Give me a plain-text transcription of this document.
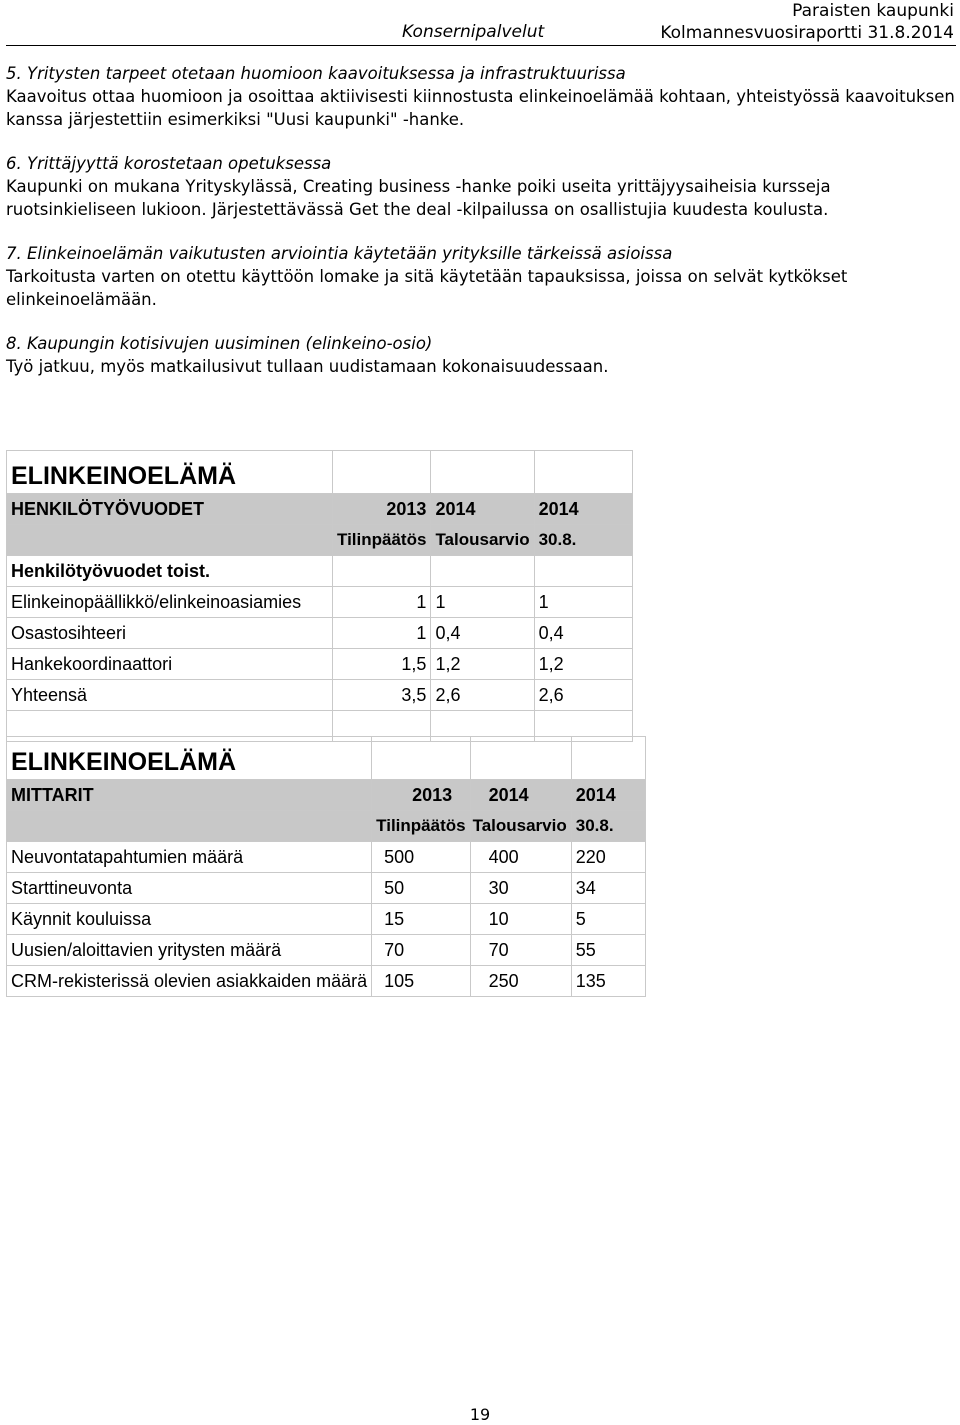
Konsernipalvelut
Paraisten kaupunki
Kolmannesvuosiraportti 31.8.2014
5. Yritysten tarpeet otetaan huomioon kaavoituksessa ja infrastruktuurissa
Kaavoitus ottaa huomioon ja osoittaa aktiivisesti kiinnostusta elinkeinoelämää kohtaan, yhteistyössä kaavoituksen kanssa järjestettiin esimerkiksi "Uusi kaupunki" -hanke.
6. Yrittäjyyttä korostetaan opetuksessa
Kaupunki on mukana Yrityskylässä, Creating business -hanke poiki useita yrittäjyysaiheisia kursseja ruotsinkieliseen lukioon. Järjestettävässä Get the deal -kilpailussa on osallistujia kuudesta koulusta.
7. Elinkeinoelämän vaikutusten arviointia käytetään yrityksille tärkeissä asioissa
Tarkoitusta varten on otettu käyttöön lomake ja sitä käytetään tapauksissa, joissa on selvät kytkökset elinkeinoelämään.
8. Kaupungin kotisivujen uusiminen (elinkeino-osio)
Työ jatkuu, myös matkailusivut tullaan uudistamaan kokonaisuudessaan.
ELINKEINOELÄMÄ			
HENKILÖTYÖVUODET	2013	2014	2014
	Tilinpäätös	Talousarvio	30.8.
Henkilötyövuodet toist.			
Elinkeinopäällikkö/elinkeinoasiamies	1	1	1
Osastosihteeri	1	0,4	0,4
Hankekoordinaattori	1,5	1,2	1,2
Yhteensä	3,5	2,6	2,6

ELINKEINOELÄMÄ			
MITTARIT	2013	2014	2014
	Tilinpäätös	Talousarvio	30.8.
Neuvontatapahtumien määrä	500	400	220
Starttineuvonta	50	30	34
Käynnit kouluissa	15	10	5
Uusien/aloittavien yritysten määrä	70	70	55
CRM-rekisterissä olevien asiakkaiden määrä	105	250	135
19
